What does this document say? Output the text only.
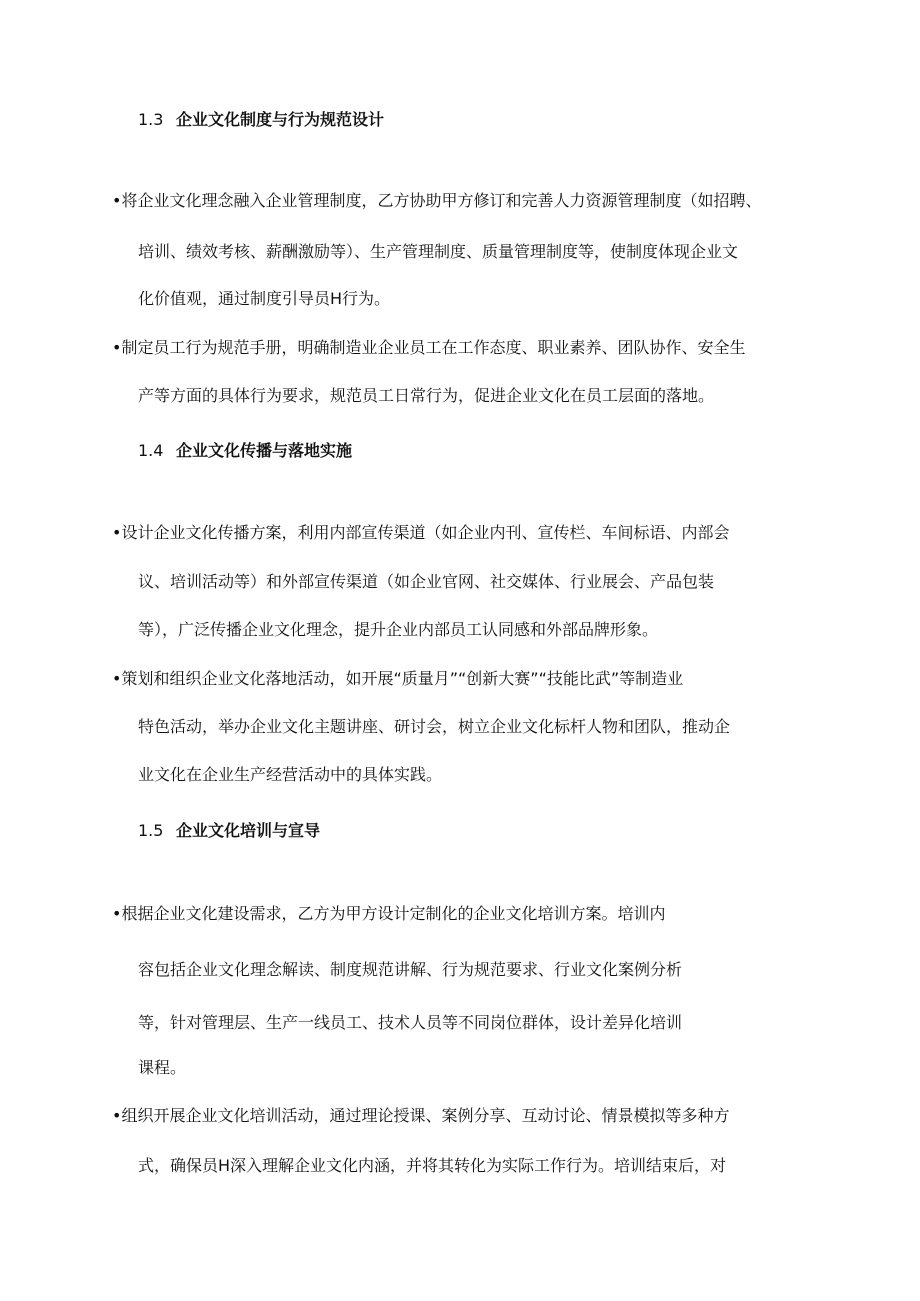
1.3 企业文化制度与行为规范设计
•将企业文化理念融入企业管理制度，乙方协助甲方修订和完善人力资源管理制度（如招聘、
培训、绩效考核、薪酬激励等）、生产管理制度、质量管理制度等，使制度体现企业文
化价值观，通过制度引导员H行为。
•制定员工行为规范手册，明确制造业企业员工在工作态度、职业素养、团队协作、安全生
产等方面的具体行为要求，规范员工日常行为，促进企业文化在员工层面的落地。
1.4 企业文化传播与落地实施
•设计企业文化传播方案，利用内部宣传渠道（如企业内刊、宣传栏、车间标语、内部会
议、培训活动等）和外部宣传渠道（如企业官网、社交媒体、行业展会、产品包装
等），广泛传播企业文化理念，提升企业内部员工认同感和外部品牌形象。
•策划和组织企业文化落地活动，如开展“质量月”“创新大赛”“技能比武”等制造业
特色活动，举办企业文化主题讲座、研讨会，树立企业文化标杆人物和团队，推动企
业文化在企业生产经营活动中的具体实践。
1.5 企业文化培训与宣导
•根据企业文化建设需求，乙方为甲方设计定制化的企业文化培训方案。培训内
容包括企业文化理念解读、制度规范讲解、行为规范要求、行业文化案例分析
等，针对管理层、生产一线员工、技术人员等不同岗位群体，设计差异化培训
课程。
•组织开展企业文化培训活动，通过理论授课、案例分享、互动讨论、情景模拟等多种方
式，确保员H深入理解企业文化内涵，并将其转化为实际工作行为。培训结束后，对
